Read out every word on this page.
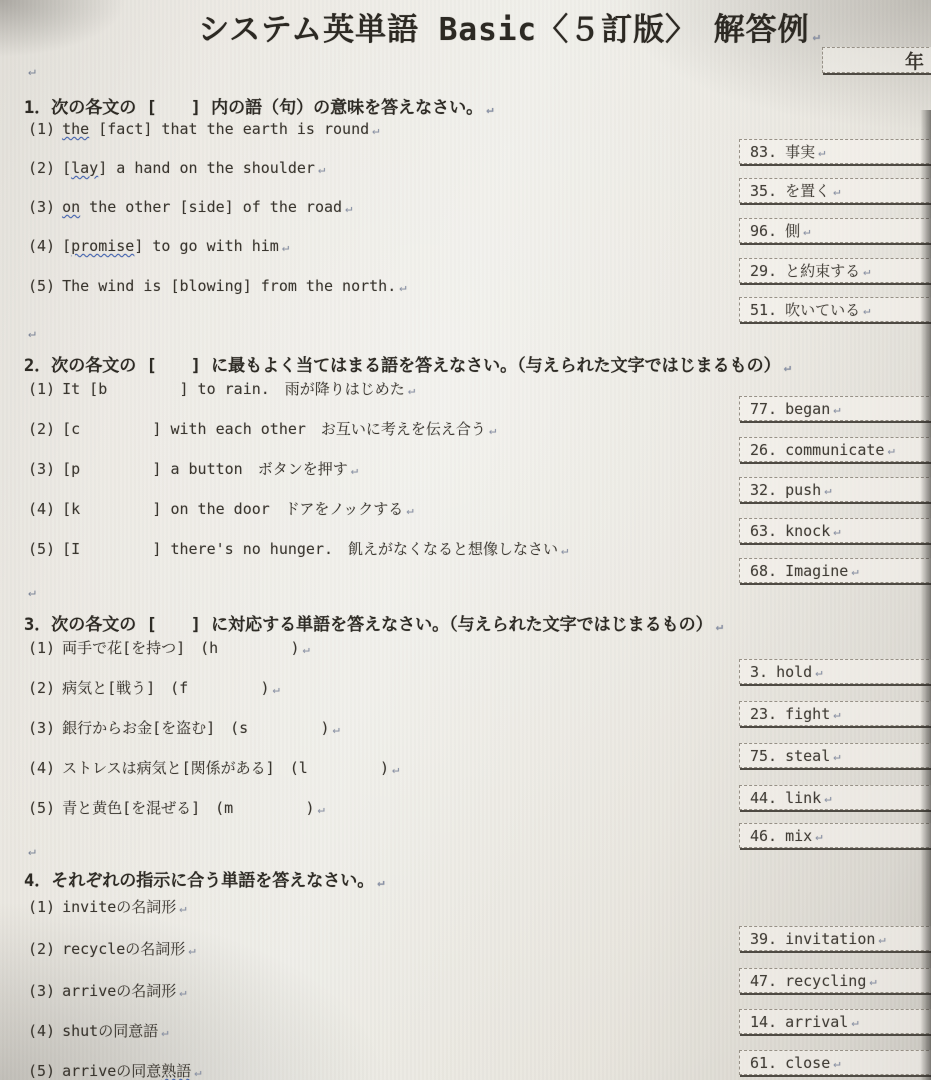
システム英単語 Basic〈５訂版〉　解答例 ↵
年
↵
1．次の各文の [　　] 内の語（句）の意味を答えなさい。 ↵
(1) the [fact] that the earth is round ↵
(2) [lay] a hand on the shoulder ↵
(3) on the other [side] of the road ↵
(4) [promise] to go with him ↵
(5) The wind is [blowing] from the north. ↵
83. 事実 ↵
35. を置く ↵
96. 側 ↵
29. と約束する ↵
51. 吹いている ↵
↵
2．次の各文の [　　] に最もよく当てはまる語を答えなさい。（与えられた文字ではじまるもの） ↵
(1) It [b        ] to rain.　雨が降りはじめた ↵
(2) [c        ] with each other　お互いに考えを伝え合う ↵
(3) [p        ] a button　ボタンを押す ↵
(4) [k        ] on the door　ドアをノックする ↵
(5) [I        ] there's no hunger.　飢えがなくなると想像しなさい ↵
77. began ↵
26. communicate ↵
32. push ↵
63. knock ↵
68. Imagine ↵
↵
3．次の各文の [　　] に対応する単語を答えなさい。（与えられた文字ではじまるもの） ↵
(1) 両手で花[を持つ]　(h        ) ↵
(2) 病気と[戦う]　(f        ) ↵
(3) 銀行からお金[を盗む]　(s        ) ↵
(4) ストレスは病気と[関係がある]　(l        ) ↵
(5) 青と黄色[を混ぜる]　(m        ) ↵
3. hold ↵
23. fight ↵
75. steal ↵
44. link ↵
46. mix ↵
↵
4．それぞれの指示に合う単語を答えなさい。 ↵
(1) inviteの名詞形 ↵
(2) recycleの名詞形 ↵
(3) arriveの名詞形 ↵
(4) shutの同意語 ↵
(5) arriveの同意熟語 ↵
39. invitation ↵
47. recycling ↵
14. arrival ↵
61. close ↵
